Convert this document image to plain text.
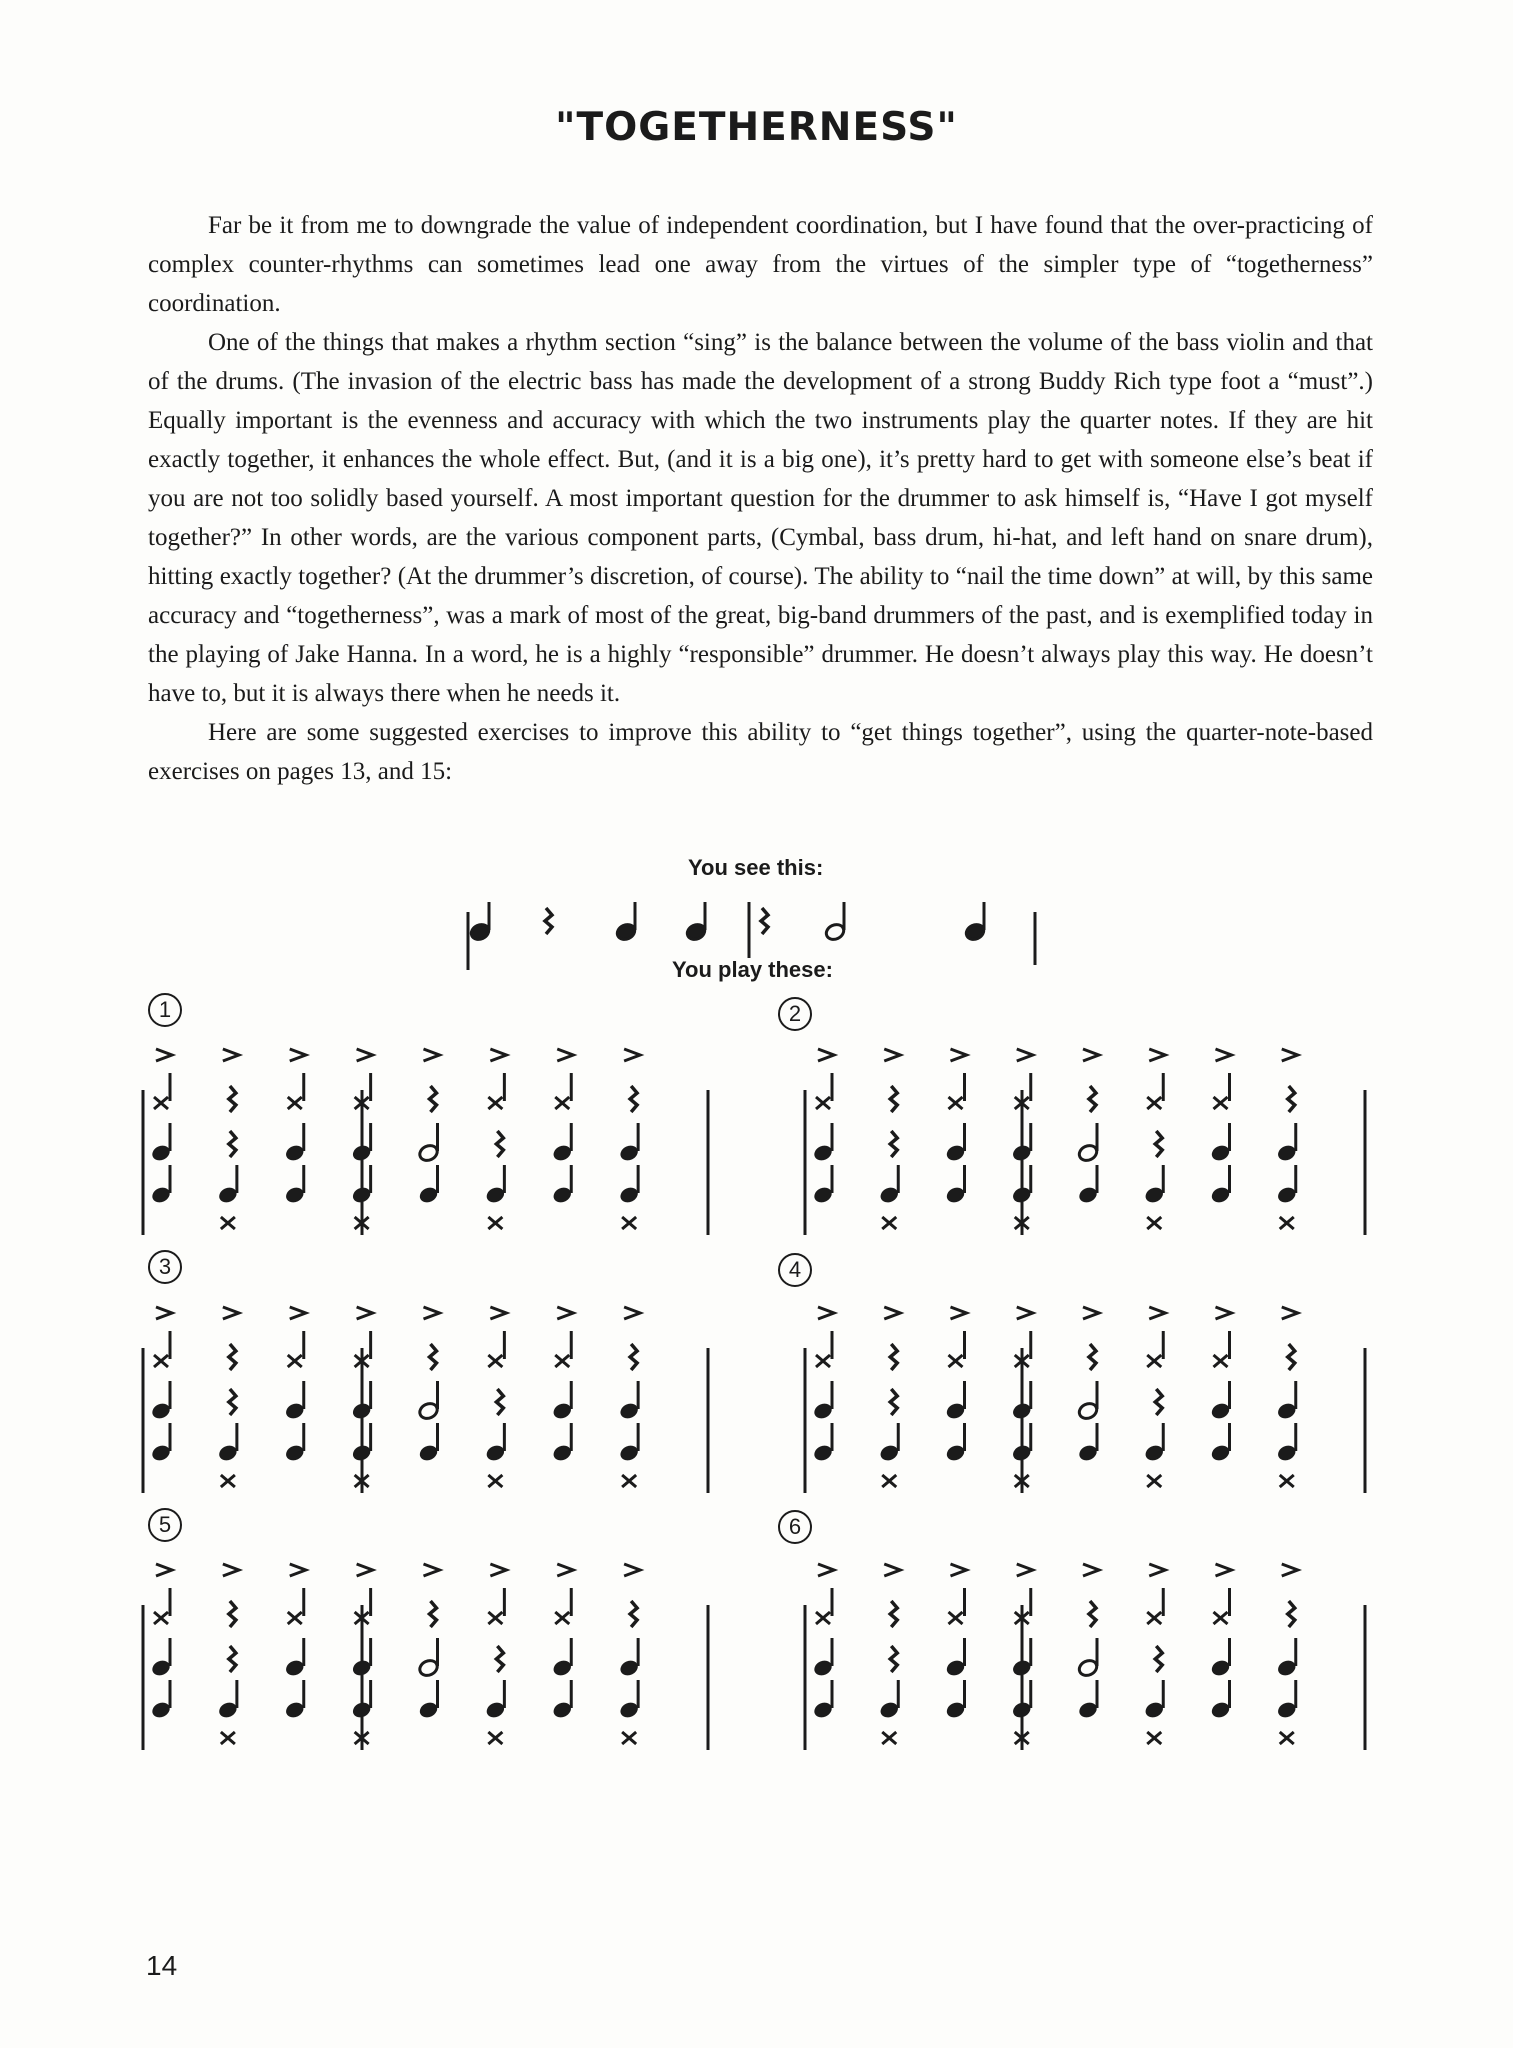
"TOGETHERNESS"

Far be it from me to downgrade the value of independent coordination, but I have found that the over-practicing of complex counter-rhythms can sometimes lead one away from the virtues of the simpler type of “togetherness” coordination.

One of the things that makes a rhythm section “sing” is the balance between the volume of the bass violin and that of the drums. (The invasion of the electric bass has made the development of a strong Buddy Rich type foot a “must”.) Equally important is the evenness and accuracy with which the two instruments play the quarter notes. If they are hit exactly together, it enhances the whole effect. But, (and it is a big one), it’s pretty hard to get with someone else’s beat if you are not too solidly based yourself. A most important question for the drummer to ask himself is, “Have I got myself together?” In other words, are the various component parts, (Cymbal, bass drum, hi-hat, and left hand on snare drum), hitting exactly together? (At the drummer’s discretion, of course). The ability to “nail the time down” at will, by this same accuracy and “togetherness”, was a mark of most of the great, big-band drummers of the past, and is exemplified today in the playing of Jake Hanna. In a word, he is a highly “responsible” drummer. He doesn’t always play this way. He doesn’t have to, but it is always there when he needs it.

Here are some suggested exercises to improve this ability to “get things together”, using the quarter-note-based exercises on pages 13, and 15:

You see this:
You play these:
1	2
3	4
5	6
14
